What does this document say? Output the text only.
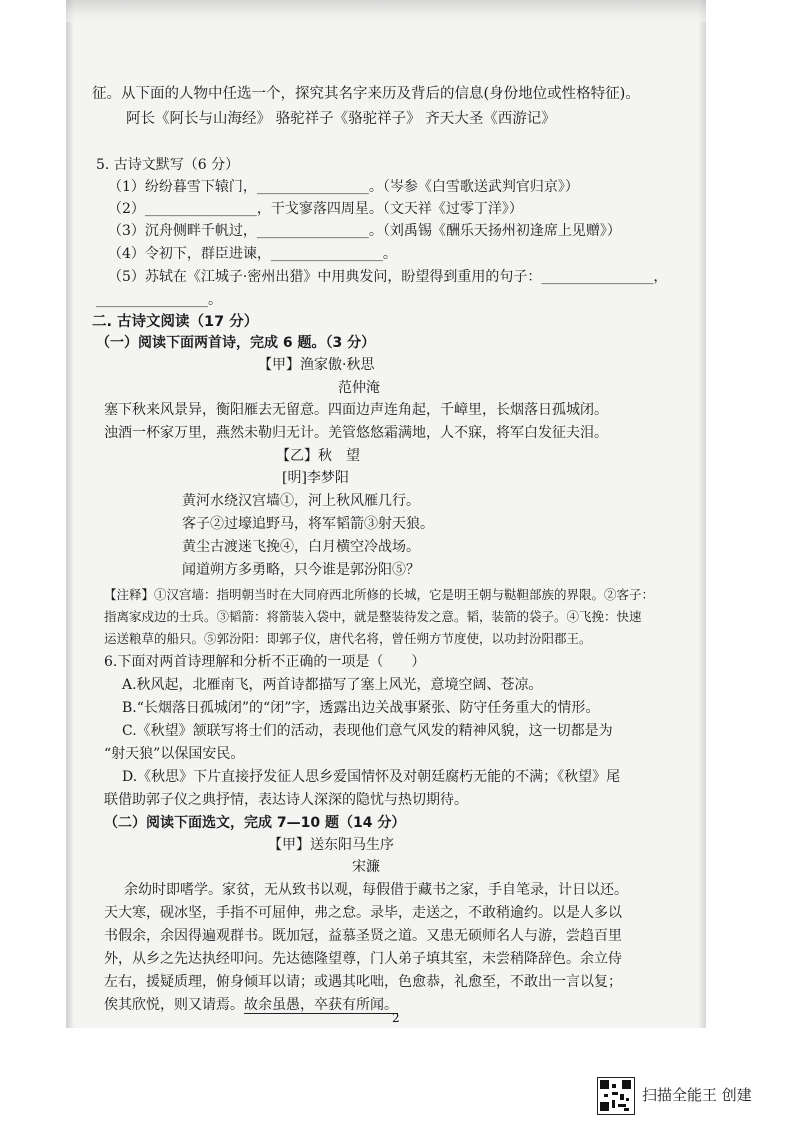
征。从下面的人物中任选一个，探究其名字来历及背后的信息(身份地位或性格特征)。
阿长《阿长与山海经》 骆驼祥子《骆驼祥子》 齐天大圣《西游记》
5. 古诗文默写（6 分）
（1）纷纷暮雪下辕门，________________。（岑参《白雪歌送武判官归京》）
（2）________________，干戈寥落四周星。（文天祥《过零丁洋》）
（3）沉舟侧畔千帆过，________________。（刘禹锡《酬乐天扬州初逢席上见赠》）
（4）令初下，群臣进谏，________________。
（5）苏轼在《江城子·密州出猎》中用典发问，盼望得到重用的句子：________________，
________________。
二. 古诗文阅读（17 分）
（一）阅读下面两首诗，完成 6 题。（3 分）
【甲】渔家傲·秋思
范仲淹
塞下秋来风景异，衡阳雁去无留意。四面边声连角起，千嶂里，长烟落日孤城闭。
浊酒一杯家万里，燕然未勒归无计。羌管悠悠霜满地，人不寐，将军白发征夫泪。
【乙】秋　望
[明]李梦阳
黄河水绕汉宫墙①，河上秋风雁几行。
客子②过壕追野马，将军韬箭③射天狼。
黄尘古渡迷飞挽④，白月横空冷战场。
闻道朔方多勇略，只今谁是郭汾阳⑤？
【注释】①汉宫墙：指明朝当时在大同府西北所修的长城，它是明王朝与鞑靼部族的界限。②客子：
指离家戍边的士兵。③韬箭：将箭装入袋中，就是整装待发之意。韬，装箭的袋子。④飞挽：快速
运送粮草的船只。⑤郭汾阳：即郭子仪，唐代名将，曾任朔方节度使，以功封汾阳郡王。
6.下面对两首诗理解和分析不正确的一项是（　　）
A.秋风起，北雁南飞，两首诗都描写了塞上风光，意境空阔、苍凉。
B.“长烟落日孤城闭”的“闭”字，透露出边关战事紧张、防守任务重大的情形。
C.《秋望》颔联写将士们的活动，表现他们意气风发的精神风貌，这一切都是为
“射天狼”以保国安民。
D.《秋思》下片直接抒发征人思乡爱国情怀及对朝廷腐朽无能的不满；《秋望》尾
联借助郭子仪之典抒情，表达诗人深深的隐忧与热切期待。
（二）阅读下面选文，完成 7—10 题（14 分）
【甲】送东阳马生序
宋濂
余幼时即嗜学。家贫，无从致书以观，每假借于藏书之家，手自笔录，计日以还。
天大寒，砚冰坚，手指不可屈伸，弗之怠。录毕，走送之，不敢稍逾约。以是人多以
书假余，余因得遍观群书。既加冠，益慕圣贤之道。又患无硕师名人与游，尝趋百里
外，从乡之先达执经叩问。先达德隆望尊，门人弟子填其室，未尝稍降辞色。余立侍
左右，援疑质理，俯身倾耳以请；或遇其叱咄，色愈恭，礼愈至，不敢出一言以复；
俟其欣悦，则又请焉。故余虽愚，卒获有所闻。
2
扫描全能王 创建
